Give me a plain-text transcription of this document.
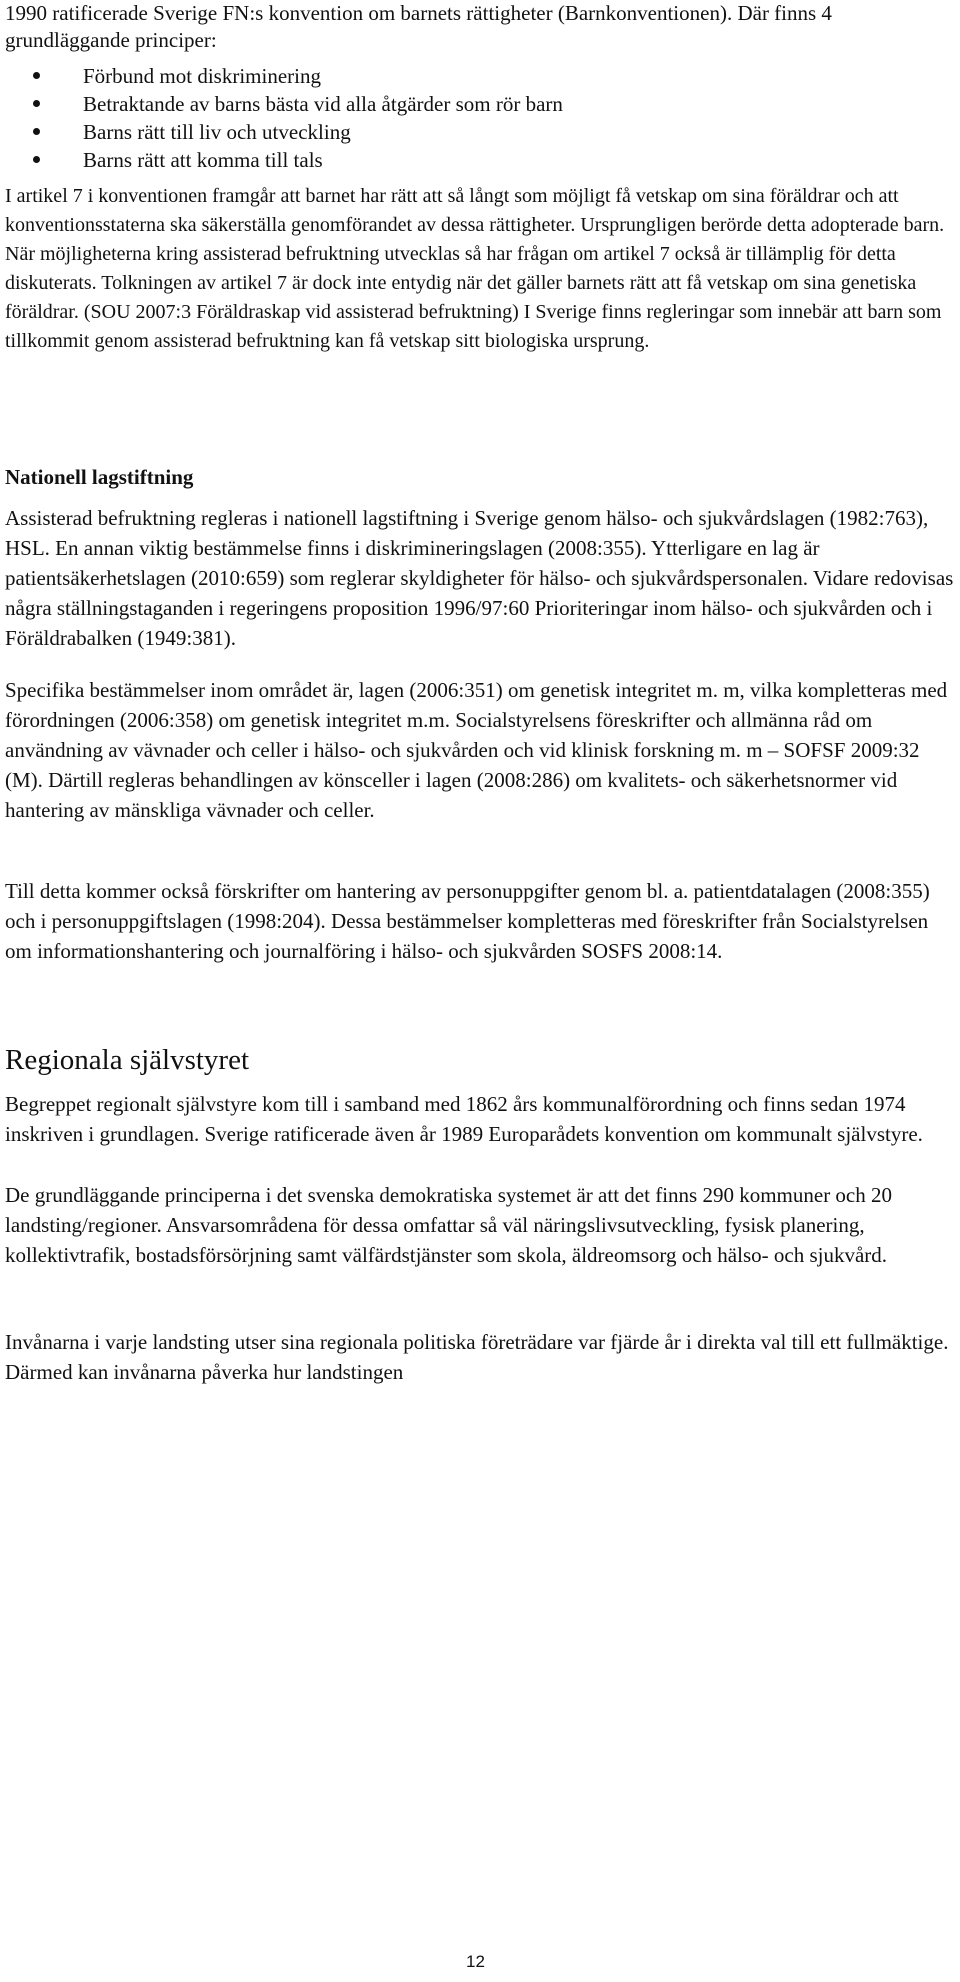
1990 ratificerade Sverige FN:s konvention om barnets rättigheter (Barnkonventionen). Där finns 4 grundläggande principer:

Förbund mot diskriminering
Betraktande av barns bästa vid alla åtgärder som rör barn
Barns rätt till liv och utveckling
Barns rätt att komma till tals

I artikel 7 i konventionen framgår att barnet har rätt att så långt som möjligt få vetskap om sina föräldrar och att konventionsstaterna ska säkerställa genomförandet av dessa rättigheter. Ursprungligen berörde detta adopterade barn. När möjligheterna kring assisterad befruktning utvecklas så har frågan om artikel 7 också är tillämplig för detta diskuterats. Tolkningen av artikel 7 är dock inte entydig när det gäller barnets rätt att få vetskap om sina genetiska föräldrar. (SOU 2007:3 Föräldraskap vid assisterad befruktning) I Sverige finns regleringar som innebär att barn som tillkommit genom assisterad befruktning kan få vetskap sitt biologiska ursprung.

Nationell lagstiftning

Assisterad befruktning regleras i nationell lagstiftning i Sverige genom hälso- och sjukvårdslagen (1982:763), HSL. En annan viktig bestämmelse finns i diskrimineringslagen (2008:355). Ytterligare en lag är patientsäkerhetslagen (2010:659) som reglerar skyldigheter för hälso- och sjukvårdspersonalen. Vidare redovisas några ställningstaganden i regeringens proposition 1996/97:60 Prioriteringar inom hälso- och sjukvården och i Föräldrabalken (1949:381).

Specifika bestämmelser inom området är, lagen (2006:351) om genetisk integritet m. m, vilka kompletteras med förordningen (2006:358) om genetisk integritet m.m. Socialstyrelsens föreskrifter och allmänna råd om användning av vävnader och celler i hälso- och sjukvården och vid klinisk forskning m. m – SOFSF 2009:32 (M). Därtill regleras behandlingen av könsceller i lagen (2008:286) om kvalitets- och säkerhetsnormer vid hantering av mänskliga vävnader och celler.

Till detta kommer också förskrifter om hantering av personuppgifter genom bl. a. patientdatalagen (2008:355) och i personuppgiftslagen (1998:204). Dessa bestämmelser kompletteras med föreskrifter från Socialstyrelsen om informationshantering och journalföring i hälso- och sjukvården SOSFS 2008:14.

Regionala självstyret

Begreppet regionalt självstyre kom till i samband med 1862 års kommunalförordning och finns sedan 1974 inskriven i grundlagen. Sverige ratificerade även år 1989 Europarådets konvention om kommunalt självstyre.

De grundläggande principerna i det svenska demokratiska systemet är att det finns 290 kommuner och 20 landsting/regioner. Ansvarsområdena för dessa omfattar så väl näringslivsutveckling, fysisk planering, kollektivtrafik, bostadsförsörjning samt välfärdstjänster som skola, äldreomsorg och hälso- och sjukvård.

Invånarna i varje landsting utser sina regionala politiska företrädare var fjärde år i direkta val till ett fullmäktige. Därmed kan invånarna påverka hur landstingen

12
